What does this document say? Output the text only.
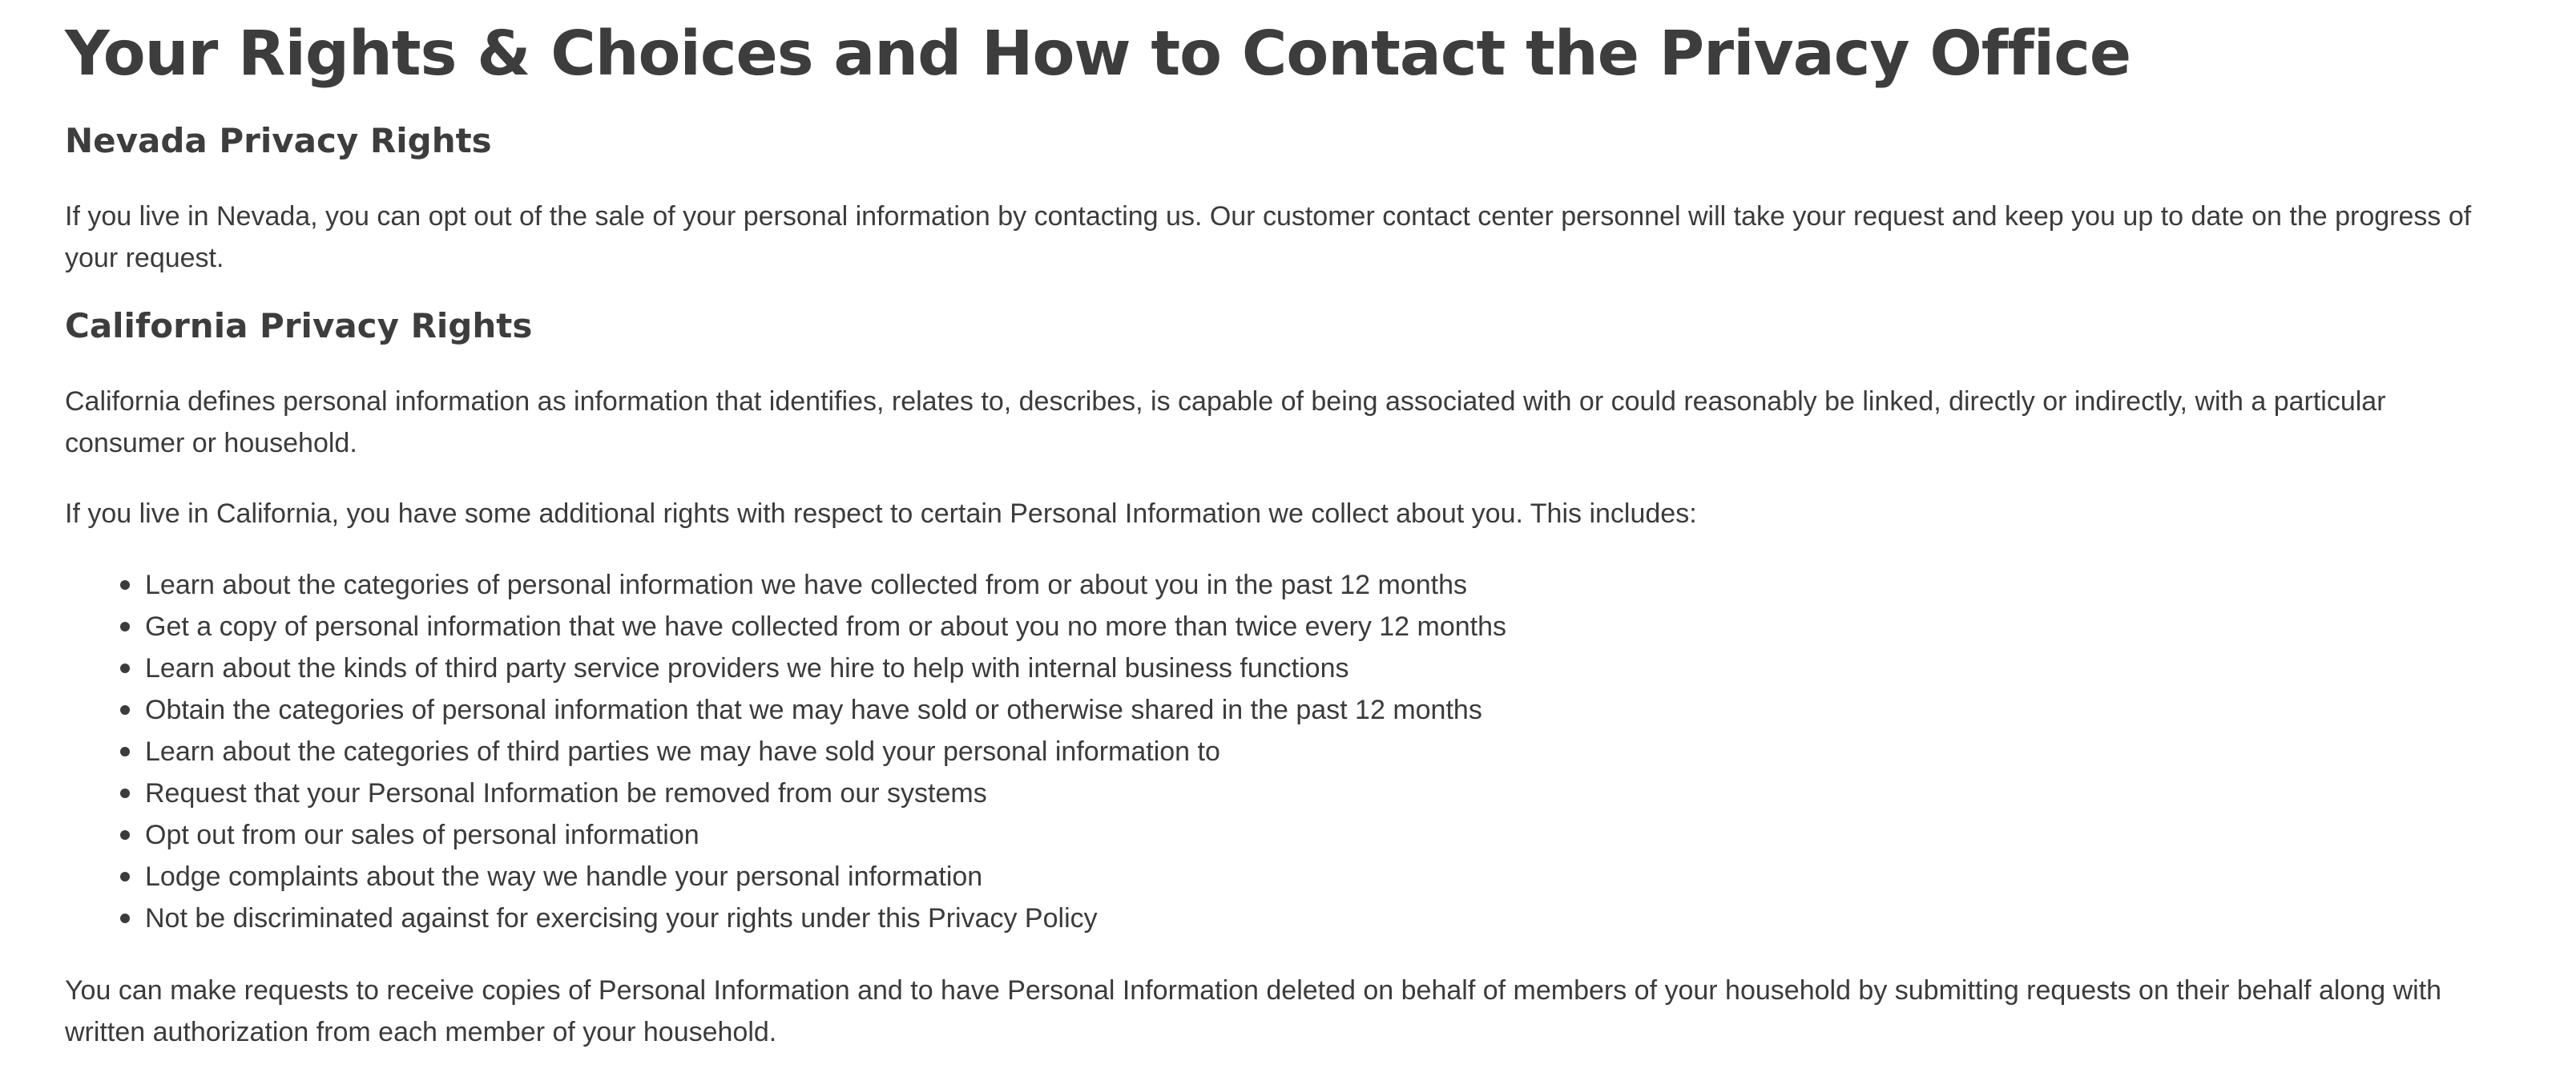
Your Rights & Choices and How to Contact the Privacy Office
Nevada Privacy Rights

If you live in Nevada, you can opt out of the sale of your personal information by contacting us. Our customer contact center personnel will take your request and keep you up to date on the progress of your request.

California Privacy Rights

California defines personal information as information that identifies, relates to, describes, is capable of being associated with or could reasonably be linked, directly or indirectly, with a particular consumer or household.

If you live in California, you have some additional rights with respect to certain Personal Information we collect about you. This includes:

Learn about the categories of personal information we have collected from or about you in the past 12 months
Get a copy of personal information that we have collected from or about you no more than twice every 12 months
Learn about the kinds of third party service providers we hire to help with internal business functions
Obtain the categories of personal information that we may have sold or otherwise shared in the past 12 months
Learn about the categories of third parties we may have sold your personal information to
Request that your Personal Information be removed from our systems
Opt out from our sales of personal information
Lodge complaints about the way we handle your personal information
Not be discriminated against for exercising your rights under this Privacy Policy

You can make requests to receive copies of Personal Information and to have Personal Information deleted on behalf of members of your household by submitting requests on their behalf along with written authorization from each member of your household.
